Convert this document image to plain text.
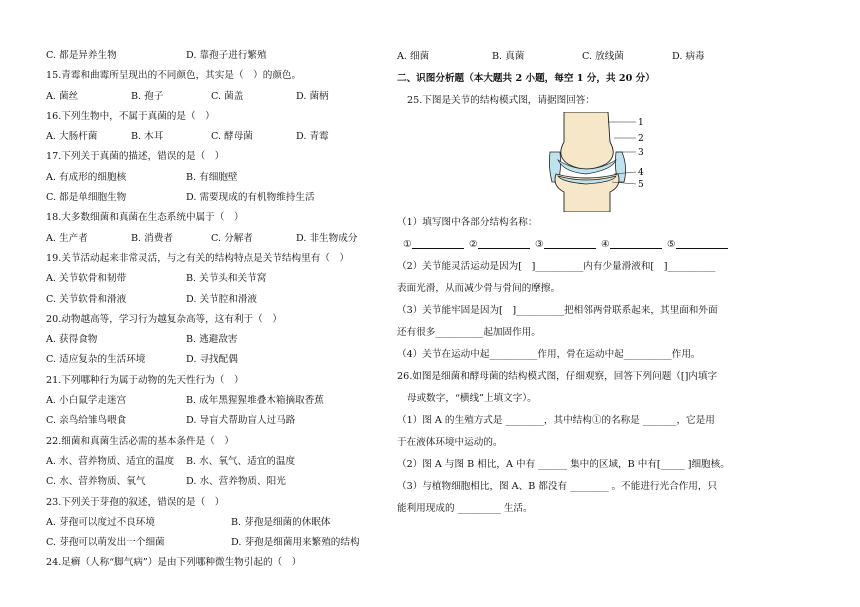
C. 都是异养生物	D. 靠孢子进行繁殖
15.青霉和曲霉所呈现出的不同颜色，其实是（　）的颜色。
A. 菌丝	B. 孢子	C. 菌盖	D. 菌柄
16.下列生物中，不属于真菌的是（　）
A. 大肠杆菌	B. 木耳	C. 酵母菌	D. 青霉
17.下列关于真菌的描述，错误的是（　）
A. 有成形的细胞核	B. 有细胞壁
C. 都是单细胞生物	D. 需要现成的有机物维持生活
18.大多数细菌和真菌在生态系统中属于（　）
A. 生产者	B. 消费者	C. 分解者	D. 非生物成分
19.关节活动起来非常灵活，与之有关的结构特点是关节结构里有（　）
A. 关节软骨和韧带	B. 关节头和关节窝
C. 关节软骨和滑液	D. 关节腔和滑液
20.动物越高等，学习行为越复杂高等，这有利于（　）
A. 获得食物	B. 逃避敌害
C. 适应复杂的生活环境	D. 寻找配偶
21.下列哪种行为属于动物的先天性行为（　）
A. 小白鼠学走迷宫	B. 成年黑猩猩堆叠木箱摘取香蕉
C. 亲鸟给雏鸟喂食	D. 导盲犬帮助盲人过马路
22.细菌和真菌生活必需的基本条件是（　）
A. 水、营养物质、适宜的温度 B. 水、氧气、适宜的温度
C. 水、营养物质、氧气	D. 水、营养物质、阳光
23.下列关于芽孢的叙述，错误的是（　）
A. 芽孢可以度过不良环境	B. 芽孢是细菌的休眠体
C. 芽孢可以萌发出一个细菌	D. 芽孢是细菌用来繁殖的结构
24.足癣（人称“脚气病”）是由下列哪种微生物引起的（　）
A. 细菌	B. 真菌	C. 放线菌	D. 病毒
二、识图分析题（本大题共 2 小题，每空 1 分，共 20 分）
25.下图是关节的结构模式图，请据图回答：
1
2
3
4
5
（1）填写图中各部分结构名称：
①	②	③	④	⑤
（2）关节能灵活运动是因为[　]__________内有少量滑液和[　]__________
表面光滑，从而减少骨与骨间的摩擦。
（3）关节能牢固是因为[　]__________把相邻两骨联系起来，其里面和外面
还有很多__________起加固作用。
（4）关节在运动中起__________作用，骨在运动中起__________作用。
26.如图是细菌和酵母菌的结构模式图，仔细观察，回答下列问题（[]内填字
母或数字，“横线”上填文字）。
（1）图 A 的生殖方式是 ________，其中结构①的名称是 _______，它是用
于在液体环境中运动的。
（2）图 A 与图 B 相比，A 中有 ______ 集中的区域，B 中有[_____ ]细胞核。
（3）与植物细胞相比，图 A、B 都没有 ________ 。不能进行光合作用，只
能利用现成的 _________ 生活。
